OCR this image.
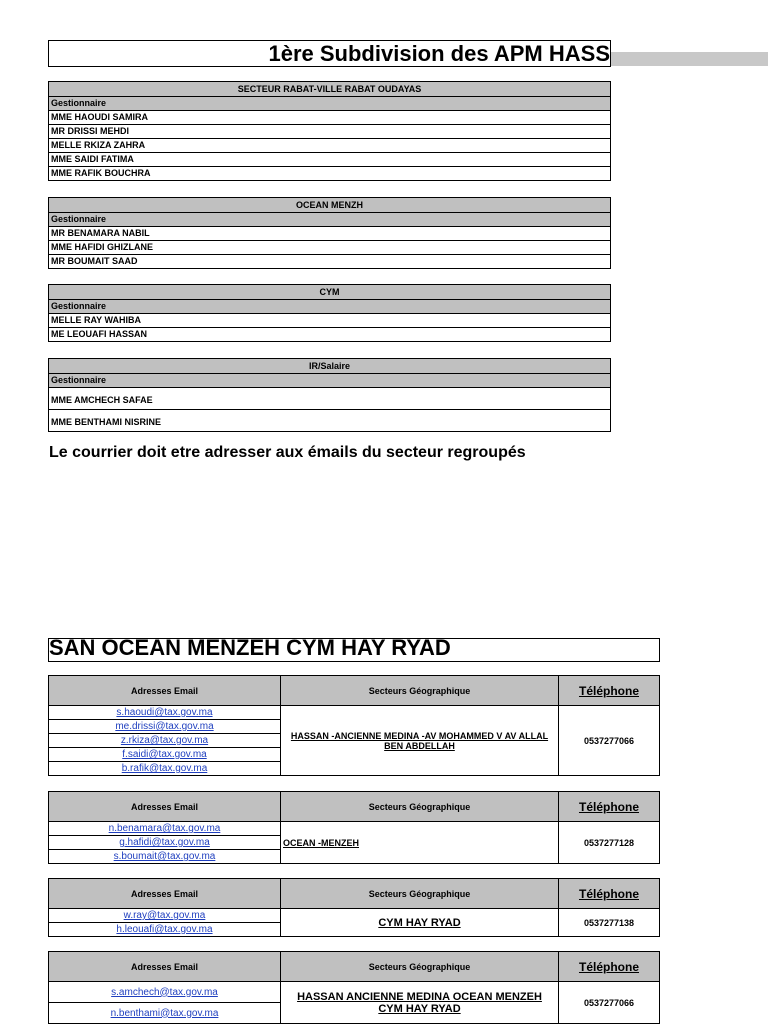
1ère Subdivision des APM HASS
SECTEUR RABAT-VILLE RABAT OUDAYAS
Gestionnaire
MME HAOUDI SAMIRA
MR DRISSI MEHDI
MELLE RKIZA ZAHRA
MME SAIDI FATIMA
MME RAFIK BOUCHRA
OCEAN MENZH
Gestionnaire
MR BENAMARA NABIL
MME HAFIDI GHIZLANE
MR BOUMAIT SAAD
CYM
Gestionnaire
MELLE RAY WAHIBA
ME LEOUAFI HASSAN
IR/Salaire
Gestionnaire
MME AMCHECH SAFAE
MME BENTHAMI NISRINE
Le courrier doit etre adresser aux émails du secteur regroupés
SAN OCEAN MENZEH CYM HAY RYAD
Adresses Email	Secteurs Géographique	Téléphone
s.haoudi@tax.gov.ma	HASSAN -ANCIENNE MEDINA -AV MOHAMMED V AV ALLAL BEN ABDELLAH	0537277066
me.drissi@tax.gov.ma		
z.rkiza@tax.gov.ma		
f.saidi@tax.gov.ma		
b.rafik@tax.gov.ma		
Adresses Email	Secteurs Géographique	Téléphone
n.benamara@tax.gov.ma	OCEAN -MENZEH	0537277128
g.hafidi@tax.gov.ma		
s.boumait@tax.gov.ma		
Adresses Email	Secteurs Géographique	Téléphone
w.ray@tax.gov.ma	CYM HAY RYAD	0537277138
h.leouafi@tax.gov.ma		
Adresses Email	Secteurs Géographique	Téléphone
s.amchech@tax.gov.ma	HASSAN ANCIENNE MEDINA OCEAN MENZEH CYM HAY RYAD	0537277066
n.benthami@tax.gov.ma		
